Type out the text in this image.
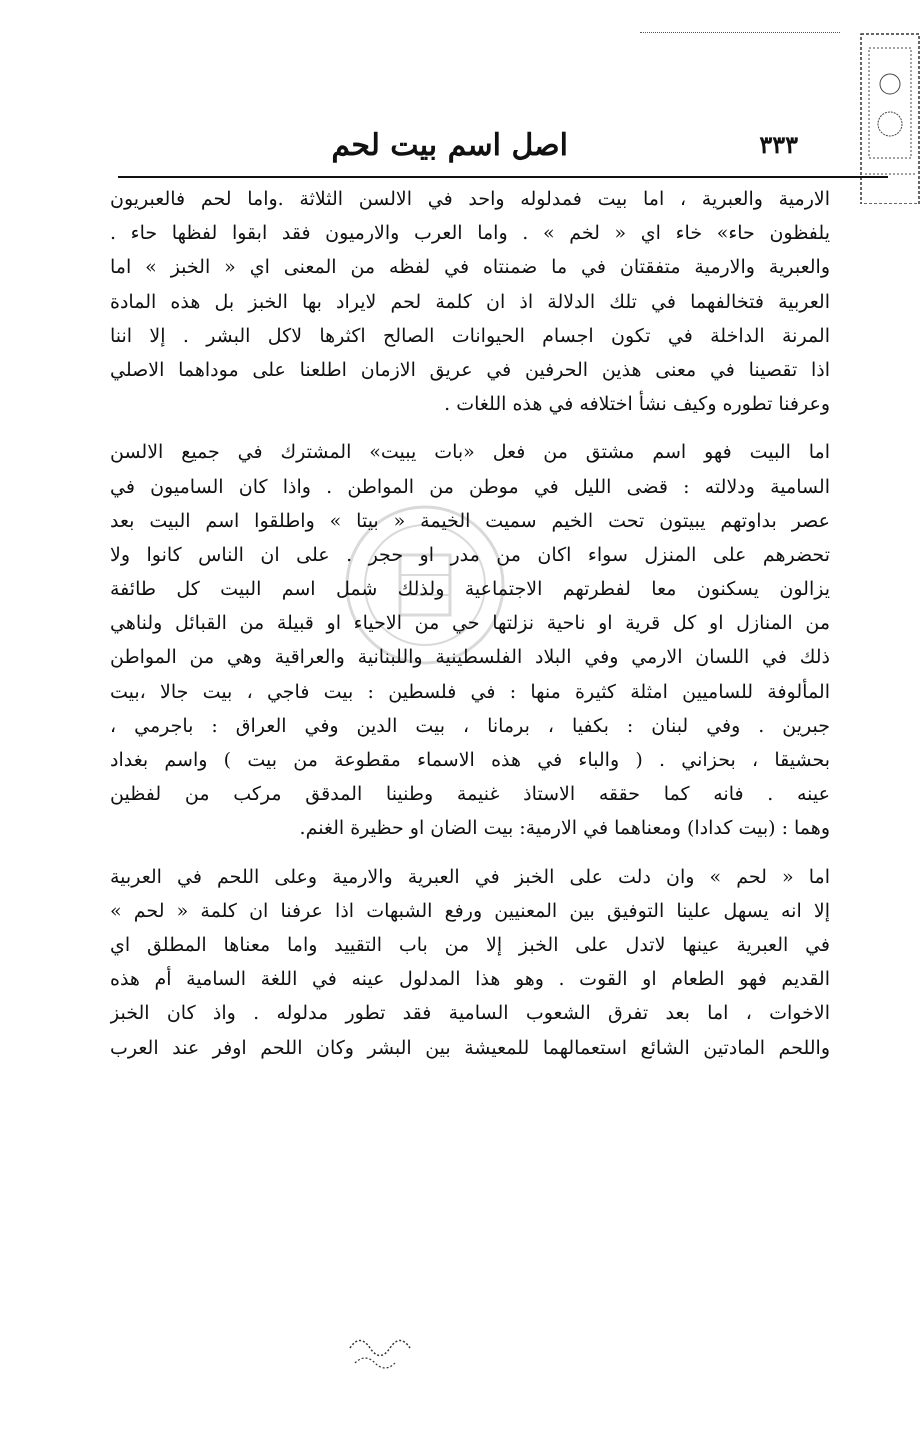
اصل اسم بيت لحم	٣٣٣
الارمية والعبرية ، اما بيت فمدلوله واحد في الالسن الثلاثة .واما لحم فالعبريون
يلفظون حاء» خاء اي « لخم » . واما العرب والارميون فقد ابقوا لفظها حاء .
والعبرية والارمية متفقتان في ما ضمنتاه في لفظه من المعنى اي « الخبز » اما
العربية فتخالفهما في تلك الدلالة اذ ان كلمة لحم لايراد بها الخبز بل هذه المادة
المرنة الداخلة في تكون اجسام الحيوانات الصالح اكثرها لاكل البشر . إلا اننا
اذا تقصينا في معنى هذين الحرفين في عريق الازمان اطلعنا على موداهما الاصلي
وعرفنا تطوره وكيف نشأ اختلافه في هذه اللغات .
اما البيت فهو اسم مشتق من فعل «بات يبيت» المشترك في جميع الالسن
السامية ودلالته : قضى الليل في موطن من المواطن . واذا كان الساميون في
عصر بداوتهم يبيتون تحت الخيم سميت الخيمة « بيتا » واطلقوا اسم البيت بعد
تحضرهم على المنزل سواء اكان من مدر او حجر . على ان الناس كانوا ولا
يزالون يسكنون معا لفطرتهم الاجتماعية ولذلك شمل اسم البيت كل طائفة
من المنازل او كل قرية او ناحية نزلتها حي من الاحياء او قبيلة من القبائل ولناهي
ذلك في اللسان الارمي وفي البلاد الفلسطينية واللبنانية والعراقية وهي من المواطن
المألوفة للساميين امثلة كثيرة منها : في فلسطين : بيت فاجي ، بيت جالا ،بيت
جبرين . وفي لبنان : بكفيا ، برمانا ، بيت الدين وفي العراق : باجرمي ،
بحشيقا ، بحزاني . ( والباء في هذه الاسماء مقطوعة من بيت ) واسم بغداد
عينه . فانه كما حققه الاستاذ غنيمة وطنينا المدقق مركب من لفظين
وهما : (بيت كدادا) ومعناهما في الارمية: بيت الضان او حظيرة الغنم.
اما « لحم » وان دلت على الخبز في العبرية والارمية وعلى اللحم في العربية
إلا انه يسهل علينا التوفيق بين المعنيين ورفع الشبهات اذا عرفنا ان كلمة « لحم »
في العبرية عينها لاتدل على الخبز إلا من باب التقييد واما معناها المطلق اي
القديم فهو الطعام او القوت . وهو هذا المدلول عينه في اللغة السامية أم هذه
الاخوات ، اما بعد تفرق الشعوب السامية فقد تطور مدلوله . واذ كان الخبز
واللحم المادتين الشائع استعمالهما للمعيشة بين البشر وكان اللحم اوفر عند العرب
